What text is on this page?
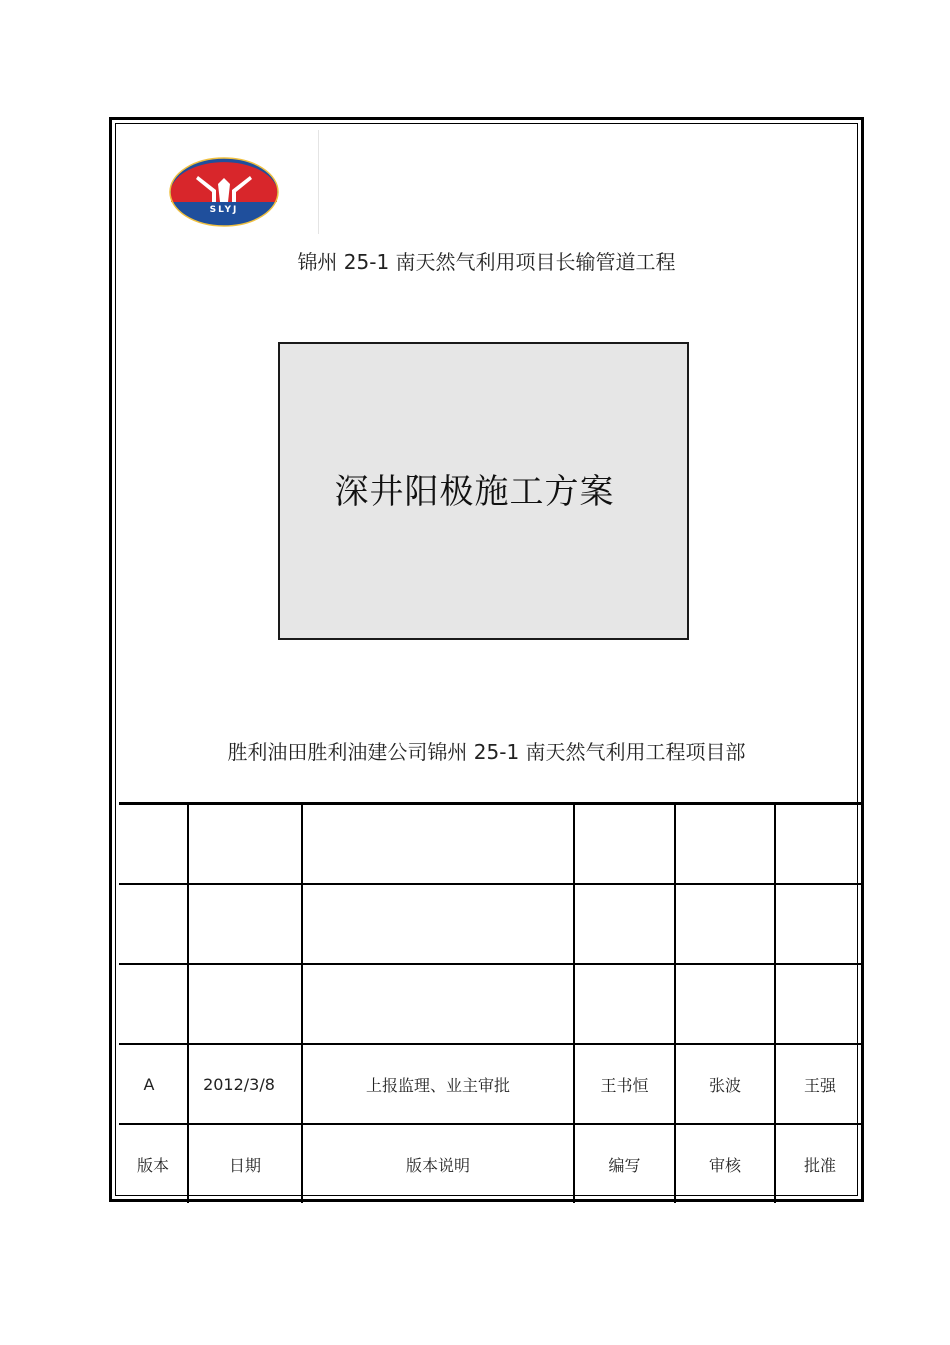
SLYJ
锦州 25-1 南天然气利用项目长输管道工程
深井阳极施工方案
胜利油田胜利油建公司锦州 25-1 南天然气利用工程项目部

A	2012/3/8	上报监理、业主审批	王书恒	张波	王强
版本	日期	版本说明	编写	审核	批准
